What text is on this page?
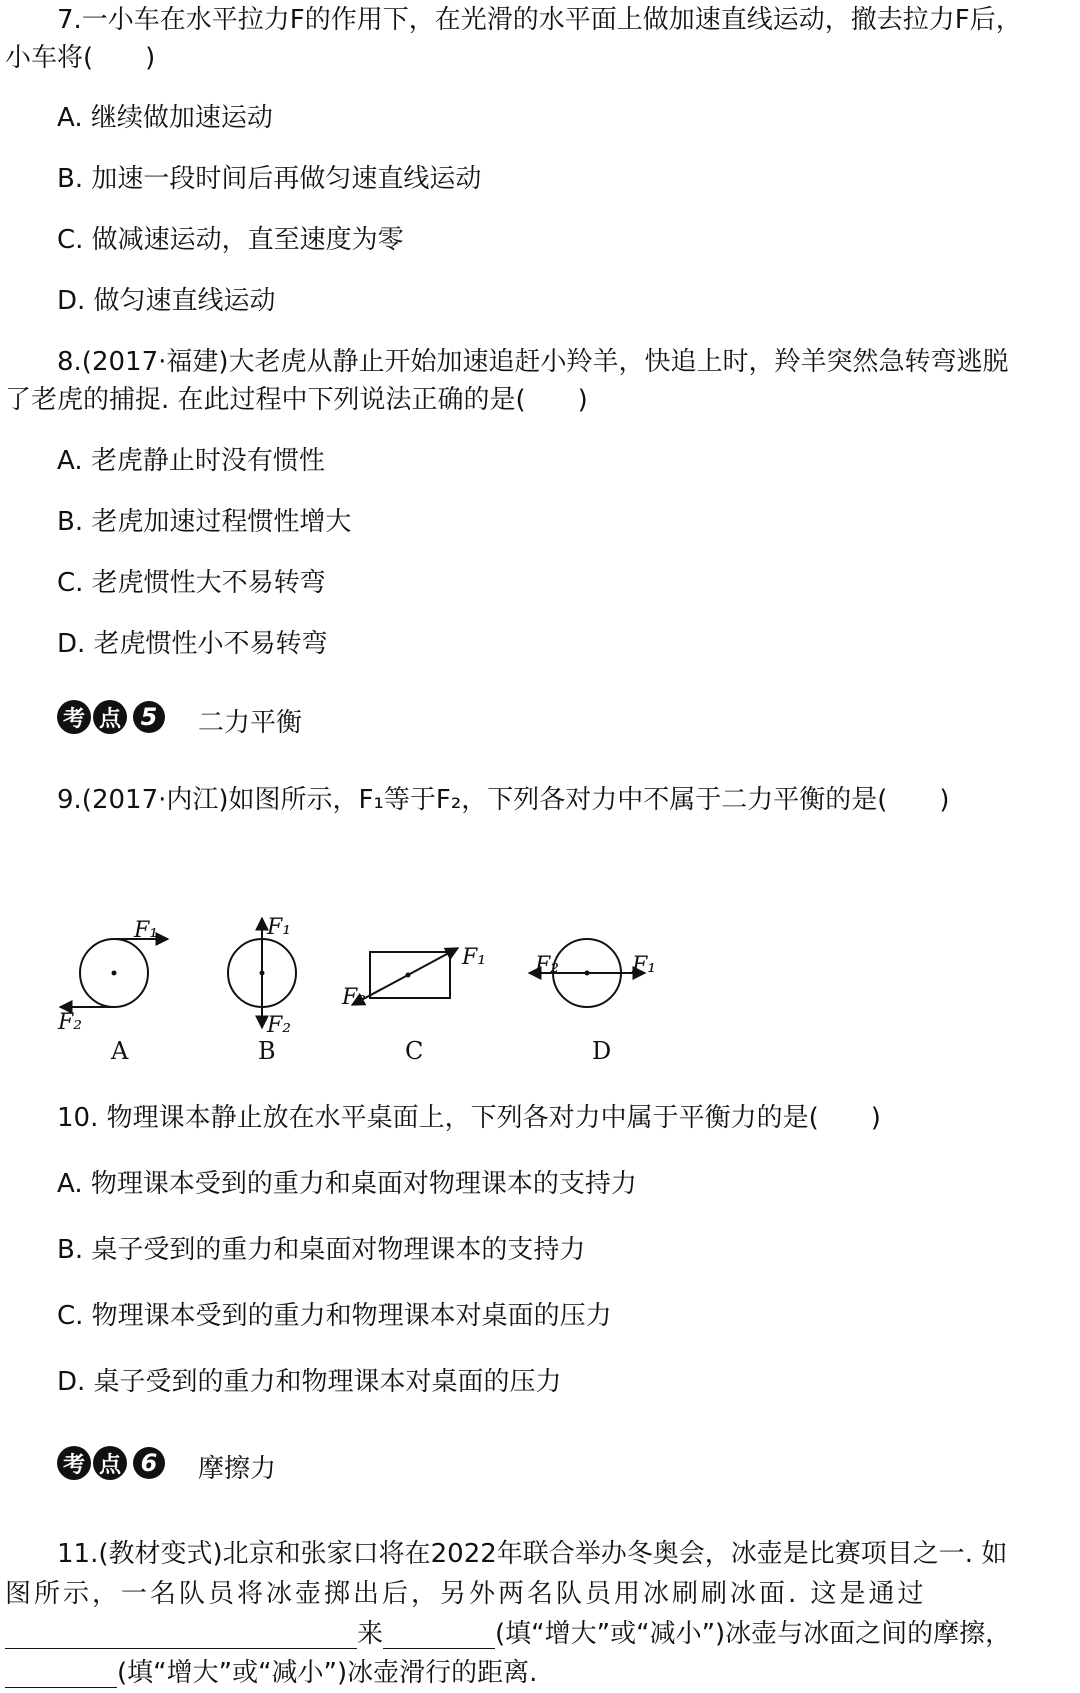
7.一小车在水平拉力F的作用下，在光滑的水平面上做加速直线运动，撤去拉力F后，
小车将(　　)
A. 继续做加速运动
B. 加速一段时间后再做匀速直线运动
C. 做减速运动，直至速度为零
D. 做匀速直线运动
8.(2017·福建)大老虎从静止开始加速追赶小羚羊，快追上时，羚羊突然急转弯逃脱
了老虎的捕捉. 在此过程中下列说法正确的是(　　)
A. 老虎静止时没有惯性
B. 老虎加速过程惯性增大
C. 老虎惯性大不易转弯
D. 老虎惯性小不易转弯
考 点 5 二力平衡
9.(2017·内江)如图所示，F₁等于F₂，下列各对力中不属于二力平衡的是(　　)
F₁
F₂
F₁
F₂
F₁
F₂
F₁
F₂
A	B	C	D
10. 物理课本静止放在水平桌面上，下列各对力中属于平衡力的是(　　)
A. 物理课本受到的重力和桌面对物理课本的支持力
B. 桌子受到的重力和桌面对物理课本的支持力
C. 物理课本受到的重力和物理课本对桌面的压力
D. 桌子受到的重力和物理课本对桌面的压力
考 点 6 摩擦力
11.(教材变式)北京和张家口将在2022年联合举办冬奥会，冰壶是比赛项目之一. 如
图所示，一名队员将冰壶掷出后，另外两名队员用冰刷刷冰面. 这是通过
来	(填“增大”或“减小”)冰壶与冰面之间的摩擦，
(填“增大”或“减小”)冰壶滑行的距离.
